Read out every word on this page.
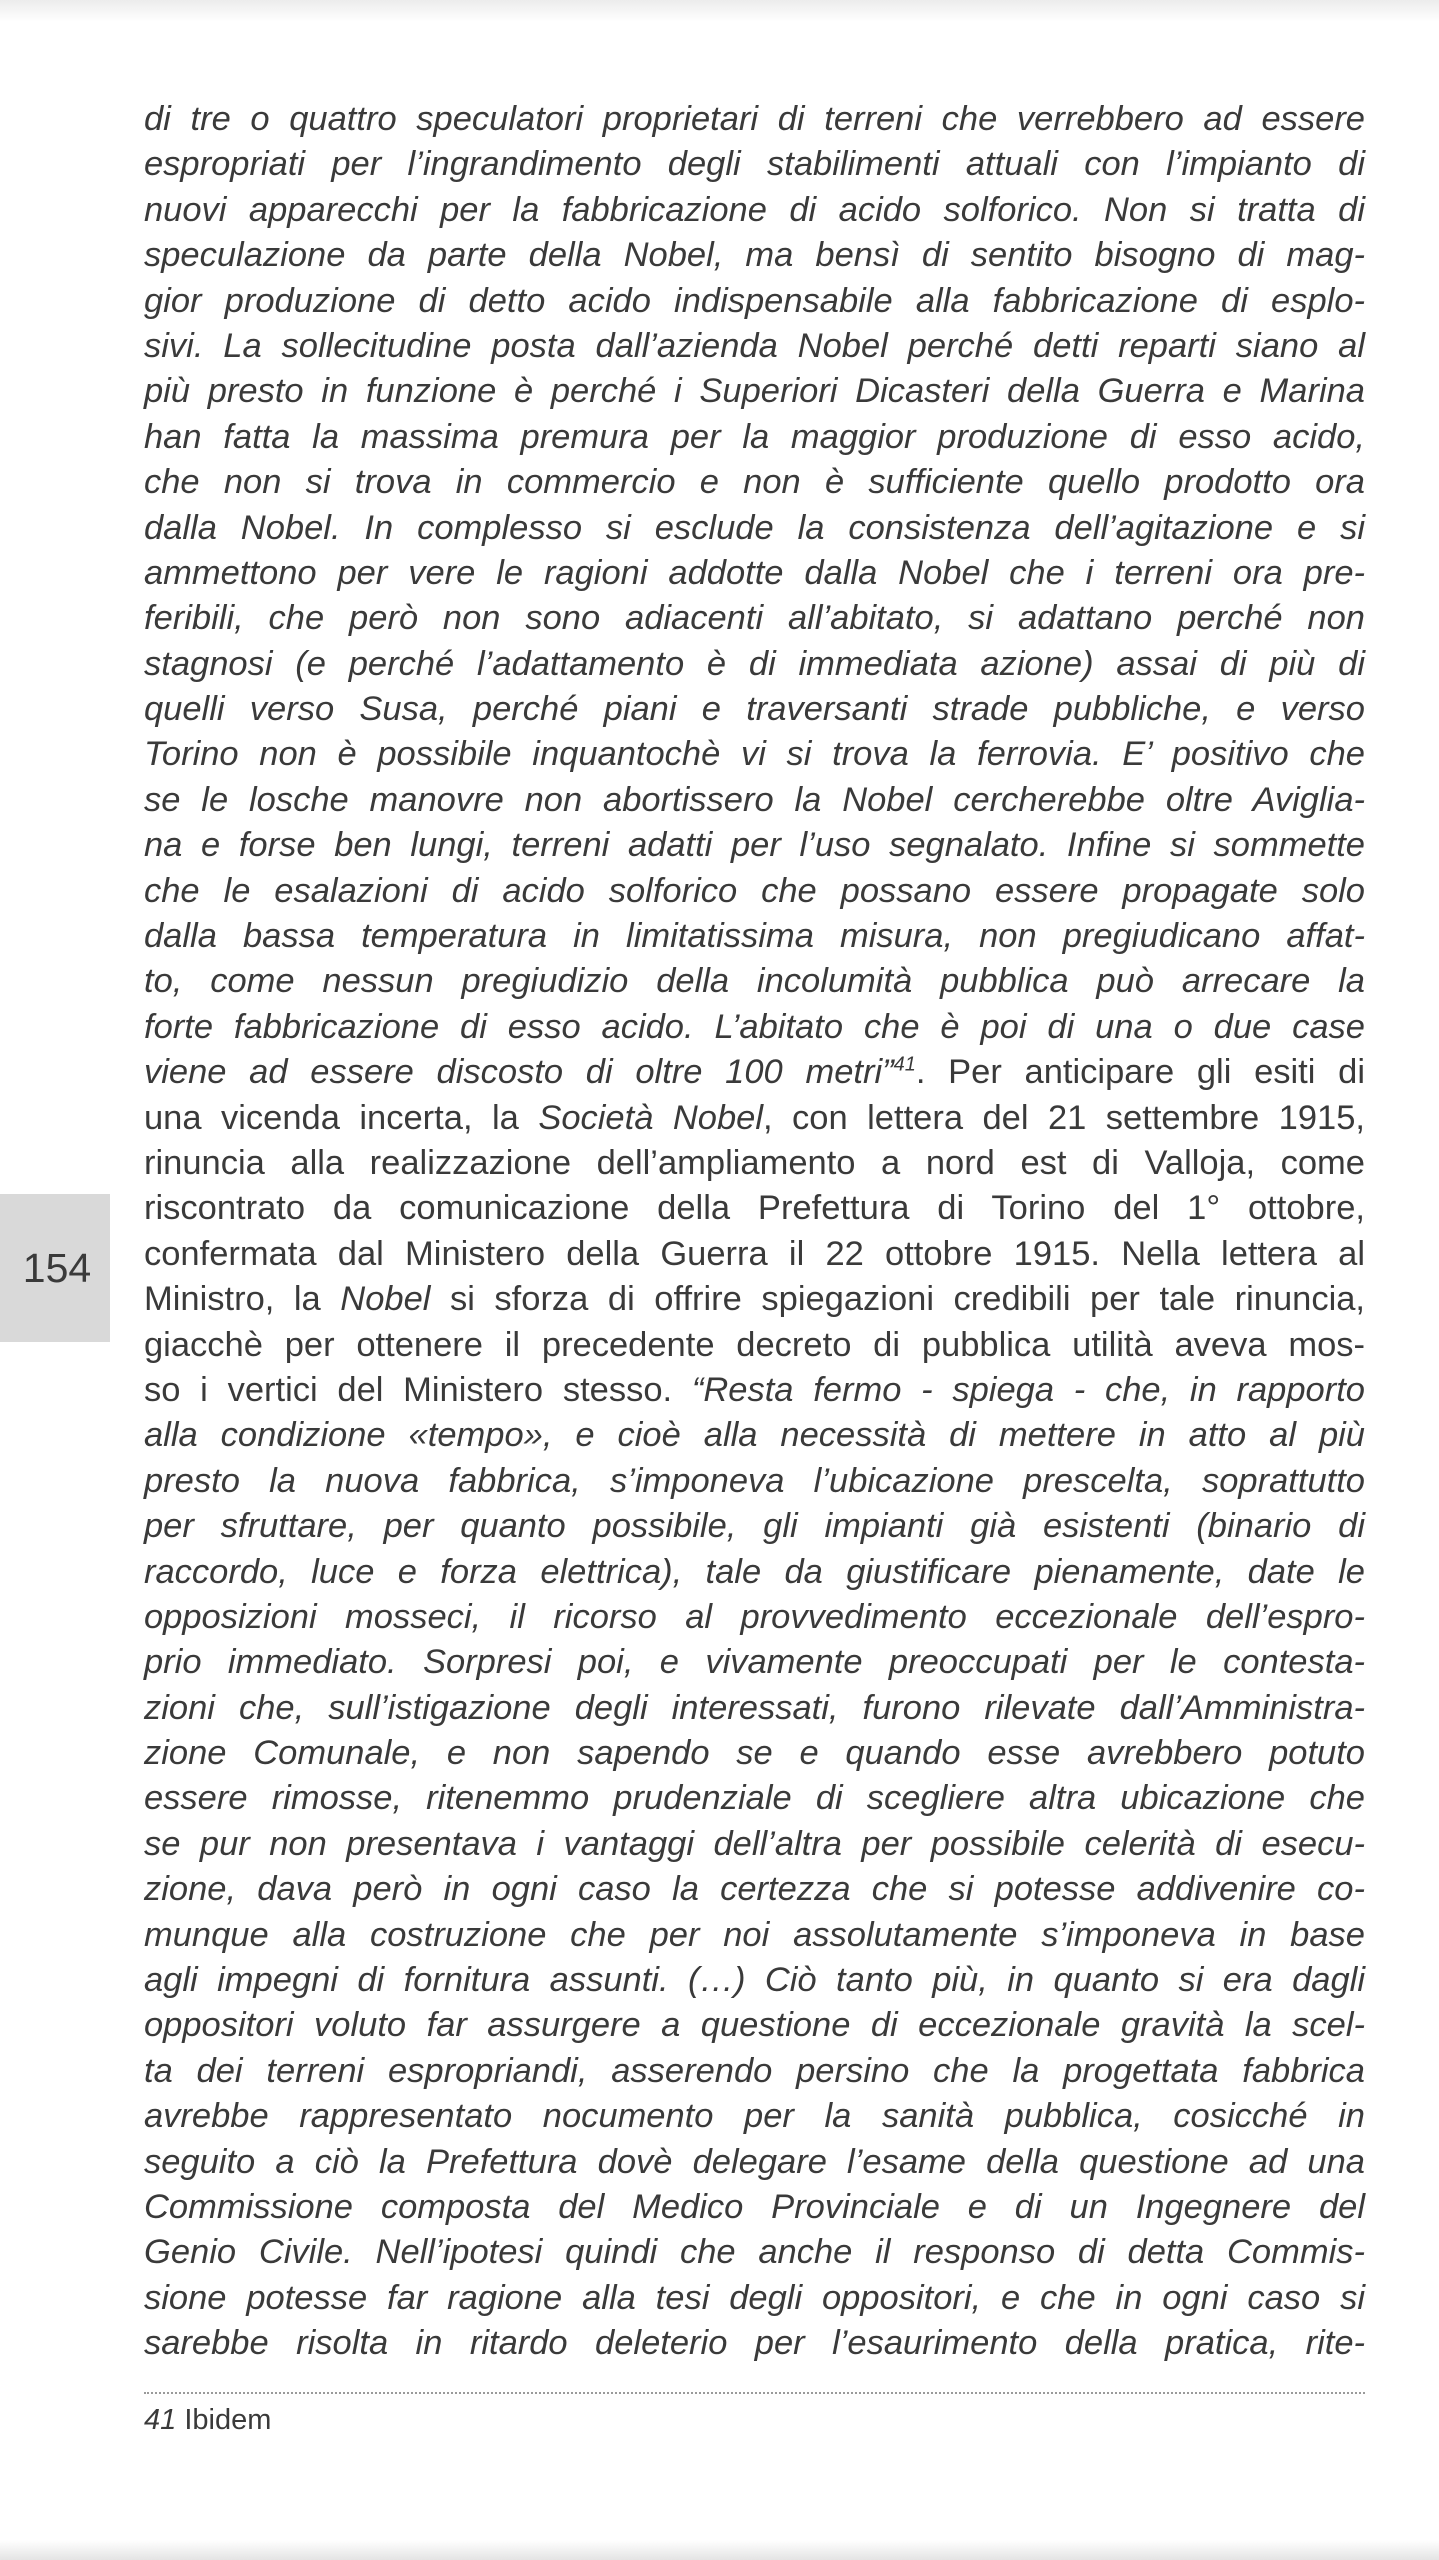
154
di tre o quattro speculatori proprietari di terreni che verrebbero ad essere
espropriati per l’ingrandimento degli stabilimenti attuali con l’impianto di
nuovi apparecchi per la fabbricazione di acido solforico. Non si tratta di
speculazione da parte della Nobel, ma bensì di sentito bisogno di mag-
gior produzione di detto acido indispensabile alla fabbricazione di esplo-
sivi. La sollecitudine posta dall’azienda Nobel perché detti reparti siano al
più presto in funzione è perché i Superiori Dicasteri della Guerra e Marina
han fatta la massima premura per la maggior produzione di esso acido,
che non si trova in commercio e non è sufficiente quello prodotto ora
dalla Nobel. In complesso si esclude la consistenza dell’agitazione e si
ammettono per vere le ragioni addotte dalla Nobel che i terreni ora pre-
feribili, che però non sono adiacenti all’abitato, si adattano perché non
stagnosi (e perché l’adattamento è di immediata azione) assai di più di
quelli verso Susa, perché piani e traversanti strade pubbliche, e verso
Torino non è possibile inquantochè vi si trova la ferrovia. E’ positivo che
se le losche manovre non abortissero la Nobel cercherebbe oltre Aviglia-
na e forse ben lungi, terreni adatti per l’uso segnalato. Infine si sommette
che le esalazioni di acido solforico che possano essere propagate solo
dalla bassa temperatura in limitatissima misura, non pregiudicano affat-
to, come nessun pregiudizio della incolumità pubblica può arrecare la
forte fabbricazione di esso acido. L’abitato che è poi di una o due case
viene ad essere discosto di oltre 100 metri”$^{41}$. Per anticipare gli esiti di
una vicenda incerta, la Società Nobel, con lettera del 21 settembre 1915,
rinuncia alla realizzazione dell’ampliamento a nord est di Valloja, come
riscontrato da comunicazione della Prefettura di Torino del 1° ottobre,
confermata dal Ministero della Guerra il 22 ottobre 1915. Nella lettera al
Ministro, la Nobel si sforza di offrire spiegazioni credibili per tale rinuncia,
giacchè per ottenere il precedente decreto di pubblica utilità aveva mos-
so i vertici del Ministero stesso. “Resta fermo - spiega - che, in rapporto
alla condizione «tempo», e cioè alla necessità di mettere in atto al più
presto la nuova fabbrica, s’imponeva l’ubicazione prescelta, soprattutto
per sfruttare, per quanto possibile, gli impianti già esistenti (binario di
raccordo, luce e forza elettrica), tale da giustificare pienamente, date le
opposizioni mosseci, il ricorso al provvedimento eccezionale dell’espro-
prio immediato. Sorpresi poi, e vivamente preoccupati per le contesta-
zioni che, sull’istigazione degli interessati, furono rilevate dall’Amministra-
zione Comunale, e non sapendo se e quando esse avrebbero potuto
essere rimosse, ritenemmo prudenziale di scegliere altra ubicazione che
se pur non presentava i vantaggi dell’altra per possibile celerità di esecu-
zione, dava però in ogni caso la certezza che si potesse addivenire co-
munque alla costruzione che per noi assolutamente s’imponeva in base
agli impegni di fornitura assunti. (…) Ciò tanto più, in quanto si era dagli
oppositori voluto far assurgere a questione di eccezionale gravità la scel-
ta dei terreni espropriandi, asserendo persino che la progettata fabbrica
avrebbe rappresentato nocumento per la sanità pubblica, cosicché in
seguito a ciò la Prefettura dovè delegare l’esame della questione ad una
Commissione composta del Medico Provinciale e di un Ingegnere del
Genio Civile. Nell’ipotesi quindi che anche il responso di detta Commis-
sione potesse far ragione alla tesi degli oppositori, e che in ogni caso si
sarebbe risolta in ritardo deleterio per l’esaurimento della pratica, rite-
41 Ibidem
